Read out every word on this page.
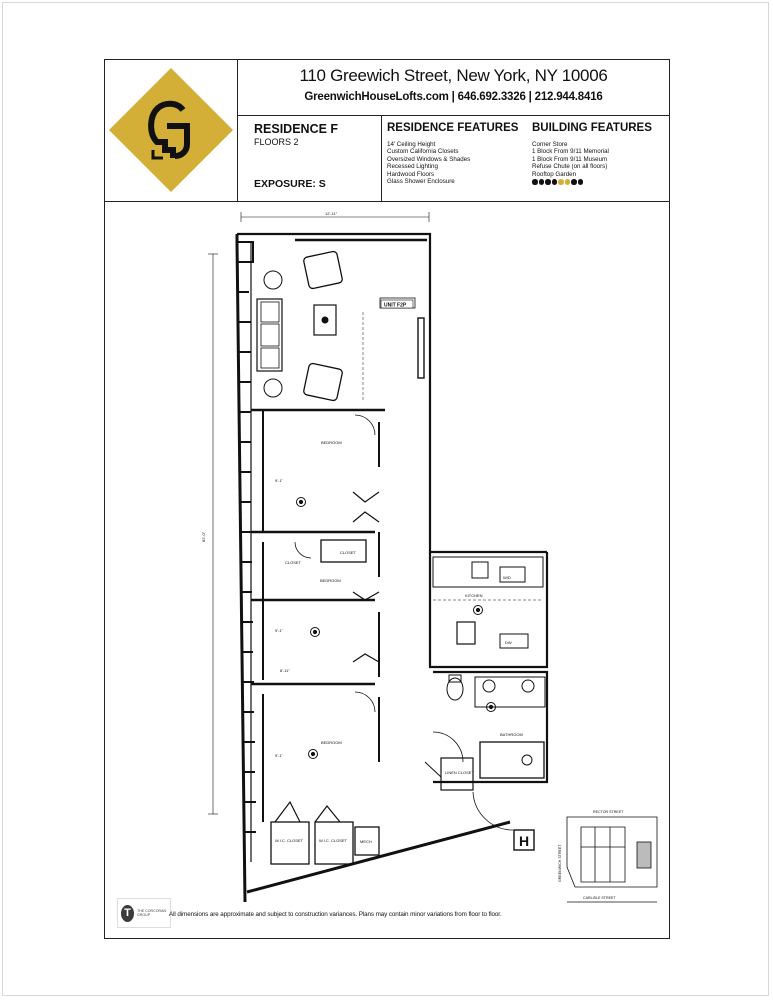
110 Greewich Street, New York, NY 10006
GreenwichHouseLofts.com | 646.692.3326 | 212.944.8416
RESIDENCE F
FLOORS 2
EXPOSURE: S
RESIDENCE FEATURES BUILDING FEATURES
14' Ceiling Height
Custom California Closets
Oversized Windows & Shades
Recessed Lighting
Hardwood Floors
Glass Shower Enclosure
Corner Store
1 Block From 9/11 Memorial
1 Block From 9/11 Museum
Refuse Chute (on all floors)
Rooftop Garden
12'-11"
82'-0"
8'-11"
9'-1"
9'-1"
9'-1"
BEDROOM
BEDROOM
BEDROOM
CLOSET
CLOSET
KITCHEN
BATHROOM
LINEN CLOSET
W.I.C. CLOSET	W.I.C. CLOSET	MECH
W/D
DW
UNIT F2P
H
RECTOR STREET
GREENWICH STREET
CARLISLE STREET
T	THE CORCORAN GROUP	All dimensions are approximate and subject to construction variances. Plans may contain minor variations from floor to floor.
